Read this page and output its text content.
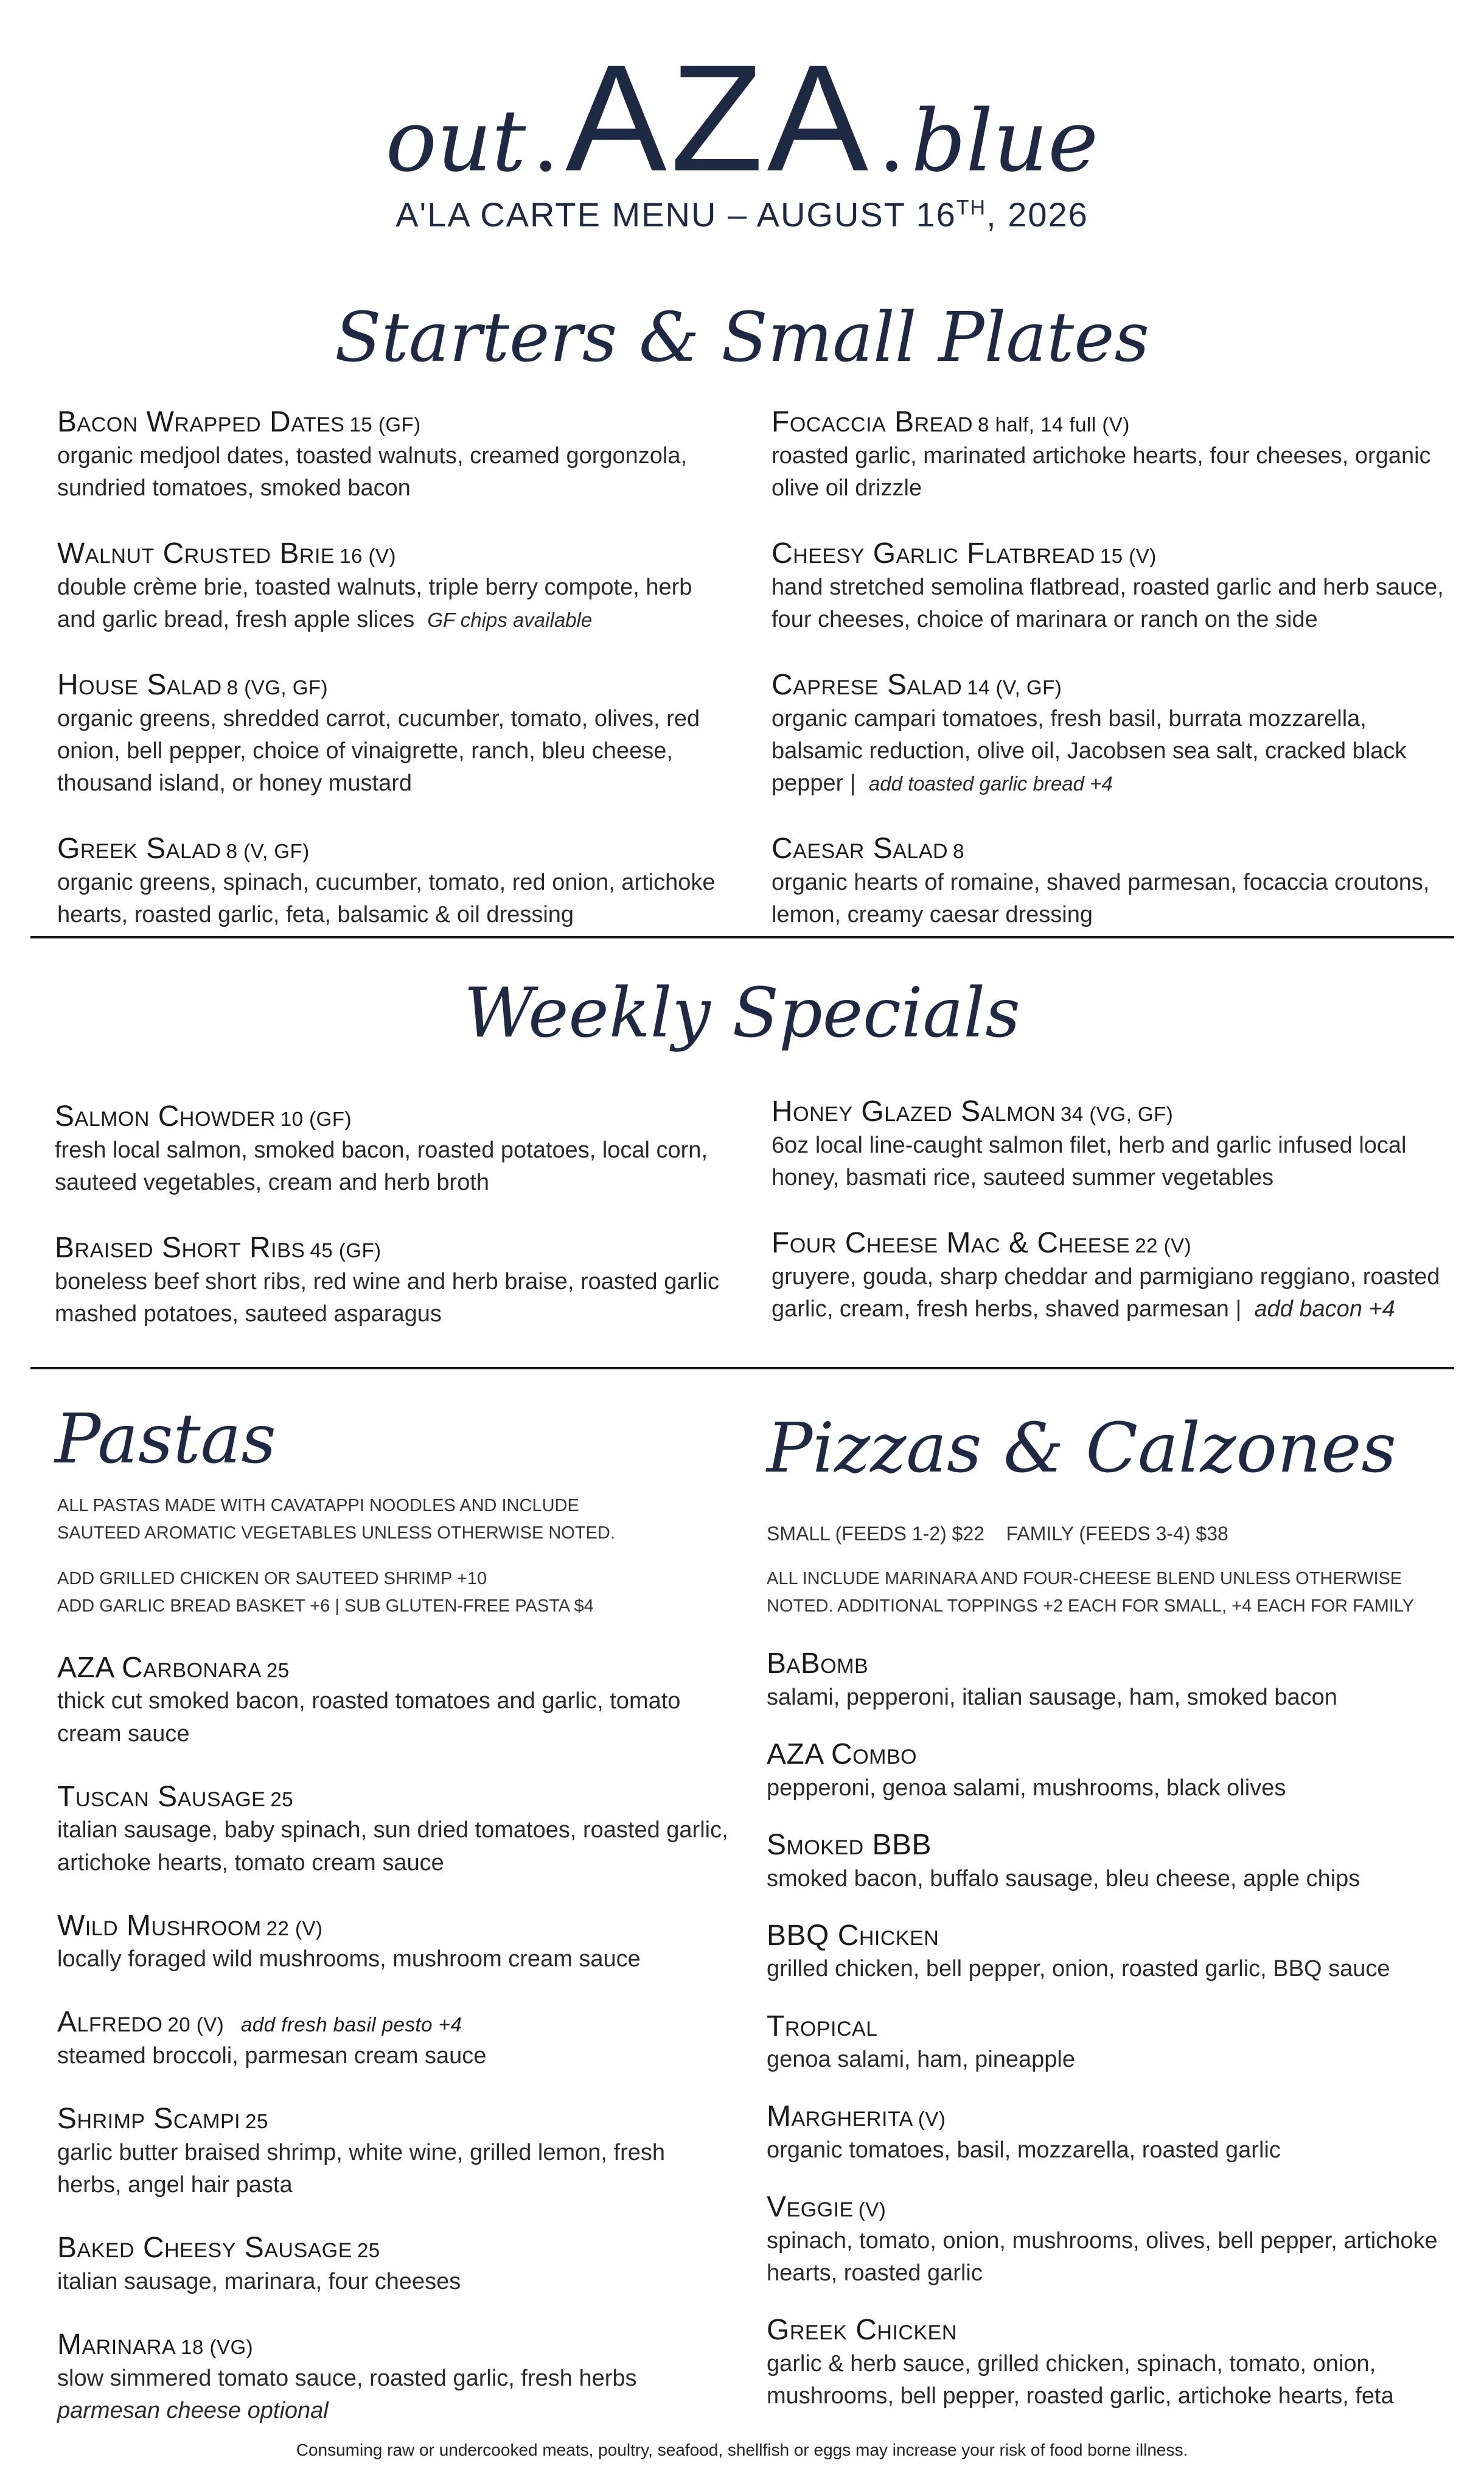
out.AZA.blue
A'LA CARTE MENU – AUGUST 16TH, 2026
Starters & Small Plates
Bacon Wrapped Dates 15 (GF)
organic medjool dates, toasted walnuts, creamed gorgonzola, sundried tomatoes, smoked bacon
Walnut Crusted Brie 16 (V)
double crème brie, toasted walnuts, triple berry compote, herb and garlic bread, fresh apple slices GF chips available
House Salad 8 (VG, GF)
organic greens, shredded carrot, cucumber, tomato, olives, red onion, bell pepper, choice of vinaigrette, ranch, bleu cheese, thousand island, or honey mustard
Greek Salad 8 (V, GF)
organic greens, spinach, cucumber, tomato, red onion, artichoke hearts, roasted garlic, feta, balsamic & oil dressing
Focaccia Bread 8 half, 14 full (V)
roasted garlic, marinated artichoke hearts, four cheeses, organic olive oil drizzle
Cheesy Garlic Flatbread 15 (V)
hand stretched semolina flatbread, roasted garlic and herb sauce, four cheeses, choice of marinara or ranch on the side
Caprese Salad 14 (V, GF)
organic campari tomatoes, fresh basil, burrata mozzarella, balsamic reduction, olive oil, Jacobsen sea salt, cracked black pepper | add toasted garlic bread +4
Caesar Salad 8
organic hearts of romaine, shaved parmesan, focaccia croutons, lemon, creamy caesar dressing
Weekly Specials
Salmon Chowder 10 (GF)
fresh local salmon, smoked bacon, roasted potatoes, local corn, sauteed vegetables, cream and herb broth
Braised Short Ribs 45 (GF)
boneless beef short ribs, red wine and herb braise, roasted garlic mashed potatoes, sauteed asparagus
Honey Glazed Salmon 34 (VG, GF)
6oz local line-caught salmon filet, herb and garlic infused local honey, basmati rice, sauteed summer vegetables
Four Cheese Mac & Cheese 22 (V)
gruyere, gouda, sharp cheddar and parmigiano reggiano, roasted garlic, cream, fresh herbs, shaved parmesan | add bacon +4
Pastas
ALL PASTAS MADE WITH CAVATAPPI NOODLES AND INCLUDE
SAUTEED AROMATIC VEGETABLES UNLESS OTHERWISE NOTED.
ADD GRILLED CHICKEN OR SAUTEED SHRIMP +10
ADD GARLIC BREAD BASKET +6 | SUB GLUTEN-FREE PASTA $4
AZA Carbonara 25
thick cut smoked bacon, roasted tomatoes and garlic, tomato cream sauce
Tuscan Sausage 25
italian sausage, baby spinach, sun dried tomatoes, roasted garlic, artichoke hearts, tomato cream sauce
Wild Mushroom 22 (V)
locally foraged wild mushrooms, mushroom cream sauce
Alfredo 20 (V) add fresh basil pesto +4
steamed broccoli, parmesan cream sauce
Shrimp Scampi 25
garlic butter braised shrimp, white wine, grilled lemon, fresh herbs, angel hair pasta
Baked Cheesy Sausage 25
italian sausage, marinara, four cheeses
Marinara 18 (VG)
slow simmered tomato sauce, roasted garlic, fresh herbs
parmesan cheese optional
Pizzas & Calzones
SMALL (FEEDS 1-2) $22    FAMILY (FEEDS 3-4) $38
ALL INCLUDE MARINARA AND FOUR-CHEESE BLEND UNLESS OTHERWISE
NOTED. ADDITIONAL TOPPINGS +2 EACH FOR SMALL, +4 EACH FOR FAMILY
BaBomb
salami, pepperoni, italian sausage, ham, smoked bacon
AZA Combo
pepperoni, genoa salami, mushrooms, black olives
Smoked BBB
smoked bacon, buffalo sausage, bleu cheese, apple chips
BBQ Chicken
grilled chicken, bell pepper, onion, roasted garlic, BBQ sauce
Tropical
genoa salami, ham, pineapple
Margherita (V)
organic tomatoes, basil, mozzarella, roasted garlic
Veggie (V)
spinach, tomato, onion, mushrooms, olives, bell pepper, artichoke hearts, roasted garlic
Greek Chicken
garlic & herb sauce, grilled chicken, spinach, tomato, onion, mushrooms, bell pepper, roasted garlic, artichoke hearts, feta
Consuming raw or undercooked meats, poultry, seafood, shellfish or eggs may increase your risk of food borne illness.
